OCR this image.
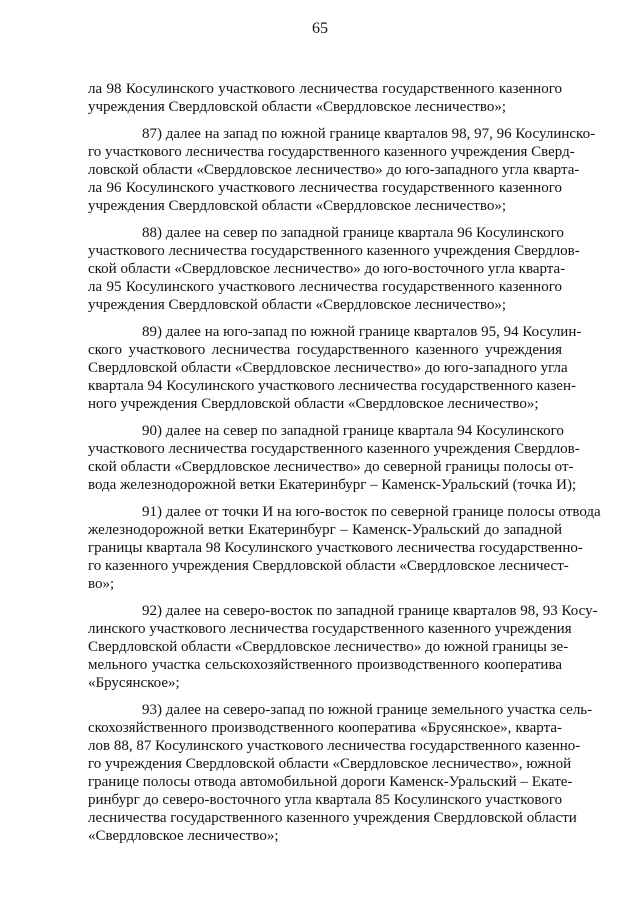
65

ла 98 Косулинского участкового лесничества государственного казенного
учреждения Свердловской области «Свердловское лесничество»;

87) далее на запад по южной границе кварталов 98, 97, 96 Косулинско-
го участкового лесничества государственного казенного учреждения Сверд-
ловской области «Свердловское лесничество» до юго-западного угла кварта-
ла 96 Косулинского участкового лесничества государственного казенного
учреждения Свердловской области «Свердловское лесничество»;

88) далее на север по западной границе квартала 96 Косулинского
участкового лесничества государственного казенного учреждения Свердлов-
ской области «Свердловское лесничество» до юго-восточного угла кварта-
ла 95 Косулинского участкового лесничества государственного казенного
учреждения Свердловской области «Свердловское лесничество»;

89) далее на юго-запад по южной границе кварталов 95, 94 Косулин-
ского участкового лесничества государственного казенного учреждения
Свердловской области «Свердловское лесничество» до юго-западного угла
квартала 94 Косулинского участкового лесничества государственного казен-
ного учреждения Свердловской области «Свердловское лесничество»;

90) далее на север по западной границе квартала 94 Косулинского
участкового лесничества государственного казенного учреждения Свердлов-
ской области «Свердловское лесничество» до северной границы полосы от-
вода железнодорожной ветки Екатеринбург – Каменск-Уральский (точка И);

91) далее от точки И на юго-восток по северной границе полосы отвода
железнодорожной ветки Екатеринбург – Каменск-Уральский до западной
границы квартала 98 Косулинского участкового лесничества государственно-
го казенного учреждения Свердловской области «Свердловское лесничест-
во»;

92) далее на северо-восток по западной границе кварталов 98, 93 Косу-
линского участкового лесничества государственного казенного учреждения
Свердловской области «Свердловское лесничество» до южной границы зе-
мельного участка сельскохозяйственного производственного кооператива
«Брусянское»;

93) далее на северо-запад по южной границе земельного участка сель-
скохозяйственного производственного кооператива «Брусянское», кварта-
лов 88, 87 Косулинского участкового лесничества государственного казенно-
го учреждения Свердловской области «Свердловское лесничество», южной
границе полосы отвода автомобильной дороги Каменск-Уральский – Екате-
ринбург до северо-восточного угла квартала 85 Косулинского участкового
лесничества государственного казенного учреждения Свердловской области
«Свердловское лесничество»;
